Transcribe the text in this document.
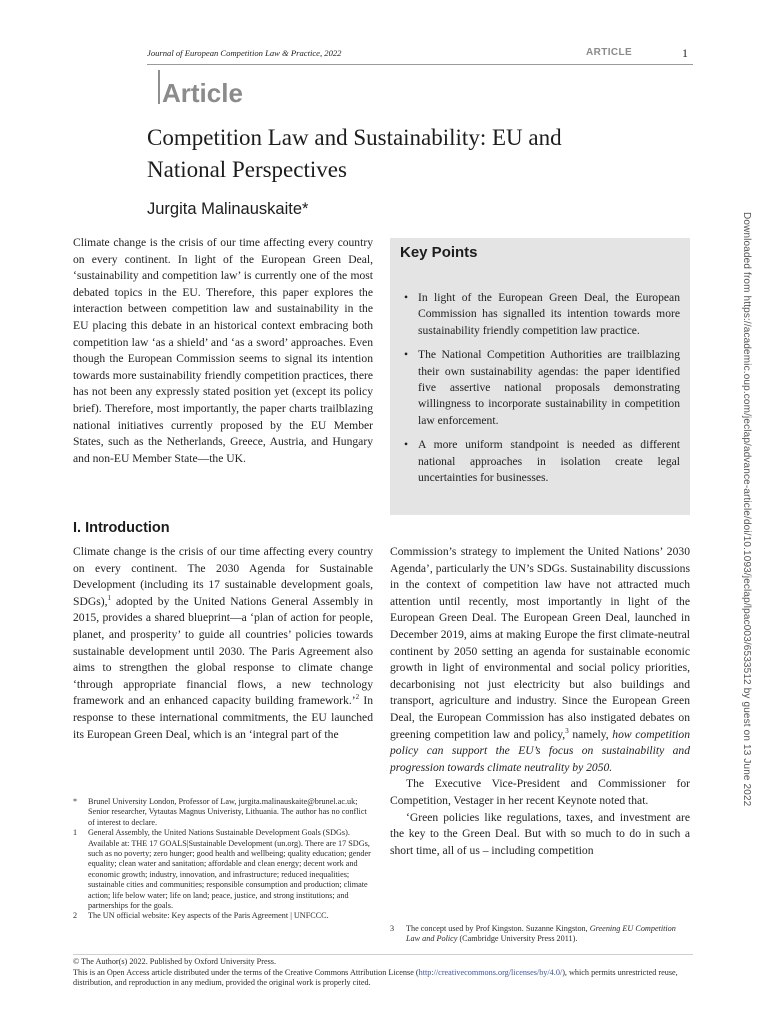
Journal of European Competition Law & Practice, 2022	ARTICLE	1
Article
Competition Law and Sustainability: EU and
National Perspectives
Jurgita Malinauskaite*

Climate change is the crisis of our time affecting every country on every continent. In light of the European Green Deal, ‘sustainability and competition law’ is currently one of the most debated topics in the EU. Therefore, this paper explores the interaction between competition law and sustainability in the EU placing this debate in an historical context embracing both competition law ‘as a shield’ and ‘as a sword’ approaches. Even though the European Commission seems to signal its intention towards more sustainability friendly competition practices, there has not been any expressly stated position yet (except its policy brief). Therefore, most importantly, the paper charts trailblazing national initiatives currently proposed by the EU Member States, such as the Netherlands, Greece, Austria, and Hungary and non-EU Member State—the UK.

Key Points
• In light of the European Green Deal, the European Commission has signalled its intention towards more sustainability friendly competition law practice.
• The National Competition Authorities are trailblazing their own sustainability agendas: the paper identified five assertive national proposals demonstrating willingness to incorporate sustainability in competition law enforcement.
• A more uniform standpoint is needed as different national approaches in isolation create legal uncertainties for businesses.
I. Introduction

Climate change is the crisis of our time affecting every country on every continent. The 2030 Agenda for Sustainable Development (including its 17 sustainable development goals, SDGs),$^1$ adopted by the United Nations General Assembly in 2015, provides a shared blueprint—a ‘plan of action for people, planet, and prosperity’ to guide all countries’ policies towards sustainable development until 2030. The Paris Agreement also aims to strengthen the global response to climate change ‘through appropriate financial flows, a new technology framework and an enhanced capacity building framework.’$^2$ In response to these international commitments, the EU launched its European Green Deal, which is an ‘integral part of the

Commission’s strategy to implement the United Nations’ 2030 Agenda’, particularly the UN’s SDGs. Sustainability discussions in the context of competition law have not attracted much attention until recently, most importantly in light of the European Green Deal. The European Green Deal, launched in December 2019, aims at making Europe the first climate-neutral continent by 2050 setting an agenda for sustainable economic growth in light of environmental and social policy priorities, decarbonising not just electricity but also buildings and transport, agriculture and industry. Since the European Green Deal, the European Commission has also instigated debates on greening competition law and policy,$^3$ namely, how competition policy can support the EU’s focus on sustainability and progression towards climate neutrality by 2050.

The Executive Vice-President and Commissioner for Competition, Vestager in her recent Keynote noted that.

‘Green policies like regulations, taxes, and investment are the key to the Green Deal. But with so much to do in such a short time, all of us – including competition

Downloaded from https://academic.oup.com/jeclap/advance-article/doi/10.1093/jeclap/lpac003/6533512 by guest on 13 June 2022

* Brunel University London, Professor of Law, jurgita.malinauskaite@brunel.ac.uk; Senior researcher, Vytautas Magnus Univeristy, Lithuania. The author has no conflict of interest to declare.

1 General Assembly, the United Nations Sustainable Development Goals (SDGs). Available at: THE 17 GOALS|Sustainable Development (un.org). There are 17 SDGs, such as no poverty; zero hunger; good health and wellbeing; quality education; gender equality; clean water and sanitation; affordable and clean energy; decent work and economic growth; industry, innovation, and infrastructure; reduced inequalities; sustainable cities and communities; responsible consumption and production; climate action; life below water; life on land; peace, justice, and strong institutions; and partnerships for the goals.

2 The UN official website: Key aspects of the Paris Agreement | UNFCCC.

3 The concept used by Prof Kingston. Suzanne Kingston, Greening EU Competition Law and Policy (Cambridge University Press 2011).

© The Author(s) 2022. Published by Oxford University Press.
This is an Open Access article distributed under the terms of the Creative Commons Attribution License (http://creativecommons.org/licenses/by/4.0/), which permits unrestricted reuse, distribution, and reproduction in any medium, provided the original work is properly cited.
